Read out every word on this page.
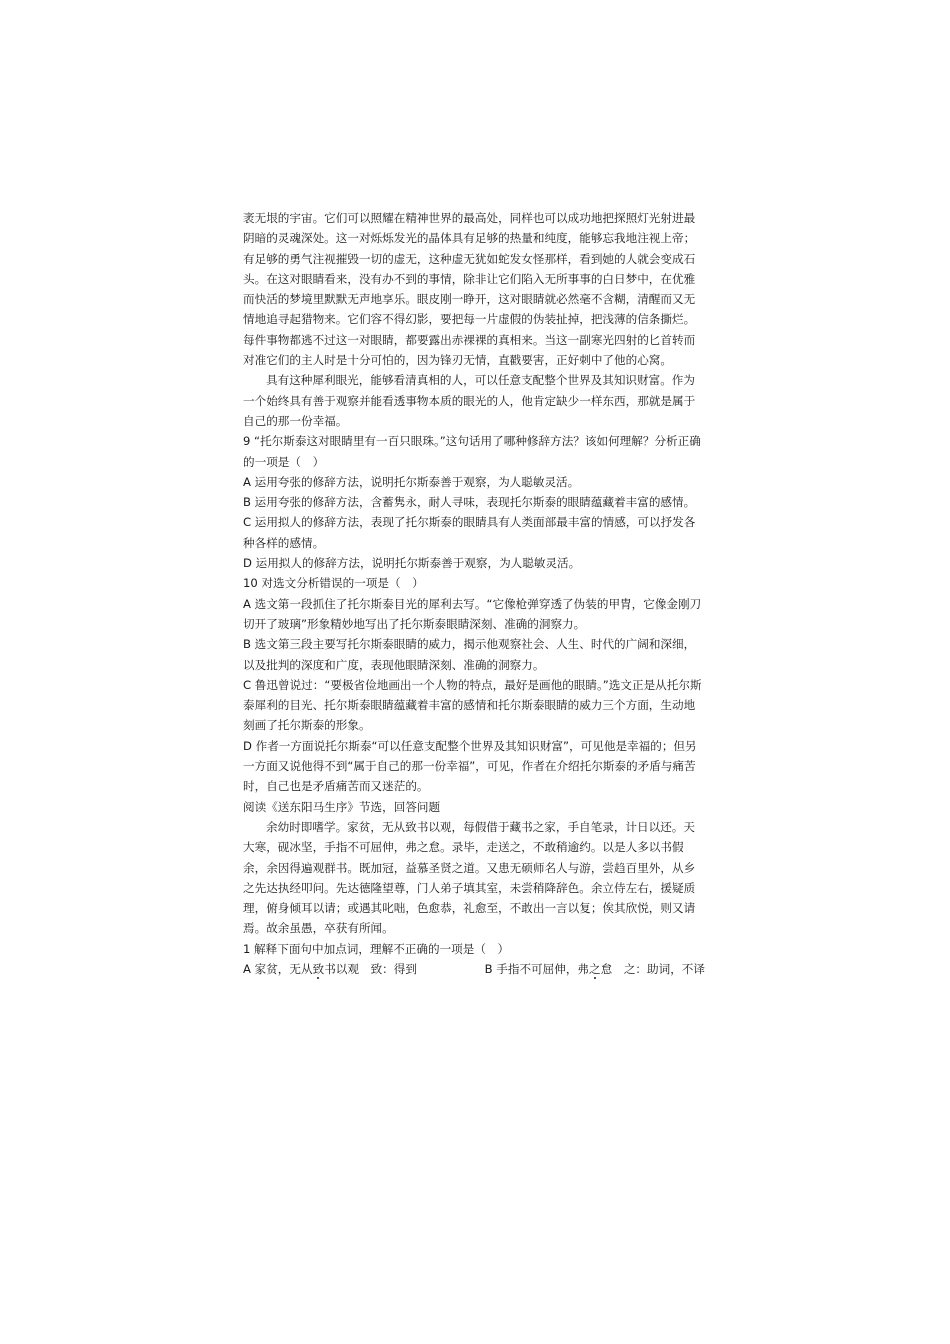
袤无垠的宇宙。它们可以照耀在精神世界的最高处，同样也可以成功地把探照灯光射进最阴暗的灵魂深处。这一对烁烁发光的晶体具有足够的热量和纯度，能够忘我地注视上帝；有足够的勇气注视摧毁一切的虚无，这种虚无犹如蛇发女怪那样，看到她的人就会变成石头。在这对眼睛看来，没有办不到的事情，除非让它们陷入无所事事的白日梦中，在优雅而快活的梦境里默默无声地享乐。眼皮刚一睁开，这对眼睛就必然毫不含糊，清醒而又无情地追寻起猎物来。它们容不得幻影，要把每一片虚假的伪装扯掉，把浅薄的信条撕烂。每件事物都逃不过这一对眼睛，都要露出赤裸裸的真相来。当这一副寒光四射的匕首转而对准它们的主人时是十分可怕的，因为锋刃无情，直戳要害，正好刺中了他的心窝。

具有这种犀利眼光，能够看清真相的人，可以任意支配整个世界及其知识财富。作为一个始终具有善于观察并能看透事物本质的眼光的人，他肯定缺少一样东西，那就是属于自己的那一份幸福。

9 “托尔斯泰这对眼睛里有一百只眼珠。”这句话用了哪种修辞方法？该如何理解？分析正确的一项是（　）

A 运用夸张的修辞方法，说明托尔斯泰善于观察，为人聪敏灵活。

B 运用夸张的修辞方法，含蓄隽永，耐人寻味，表现托尔斯泰的眼睛蕴藏着丰富的感情。

C 运用拟人的修辞方法，表现了托尔斯泰的眼睛具有人类面部最丰富的情感，可以抒发各种各样的感情。

D 运用拟人的修辞方法，说明托尔斯泰善于观察，为人聪敏灵活。

10 对选文分析错误的一项是（　）

A 选文第一段抓住了托尔斯泰目光的犀利去写。“它像枪弹穿透了伪装的甲胄，它像金刚刀切开了玻璃”形象精妙地写出了托尔斯泰眼睛深刻、准确的洞察力。

B 选文第三段主要写托尔斯泰眼睛的威力，揭示他观察社会、人生、时代的广阔和深细，以及批判的深度和广度，表现他眼睛深刻、准确的洞察力。

C 鲁迅曾说过：“要极省俭地画出一个人物的特点，最好是画他的眼睛。”选文正是从托尔斯泰犀利的目光、托尔斯泰眼睛蕴藏着丰富的感情和托尔斯泰眼睛的威力三个方面，生动地刻画了托尔斯泰的形象。

D 作者一方面说托尔斯泰“可以任意支配整个世界及其知识财富”，可见他是幸福的；但另一方面又说他得不到“属于自己的那一份幸福”，可见，作者在介绍托尔斯泰的矛盾与痛苦时，自己也是矛盾痛苦而又迷茫的。

阅读《送东阳马生序》节选，回答问题

余幼时即嗜学。家贫，无从致书以观，每假借于藏书之家，手自笔录，计日以还。天大寒，砚冰坚，手指不可屈伸，弗之怠。录毕，走送之，不敢稍逾约。以是人多以书假余，余因得遍观群书。既加冠，益慕圣贤之道。又患无硕师名人与游，尝趋百里外，从乡之先达执经叩问。先达德隆望尊，门人弟子填其室，未尝稍降辞色。余立侍左右，援疑质理，俯身倾耳以请；或遇其叱咄，色愈恭，礼愈至，不敢出一言以复；俟其欣悦，则又请焉。故余虽愚，卒获有所闻。

1 解释下面句中加点词，理解不正确的一项是（　）

A 家贫，无从致书以观　致：得到	B 手指不可屈伸，弗之怠　之：助词，不译
